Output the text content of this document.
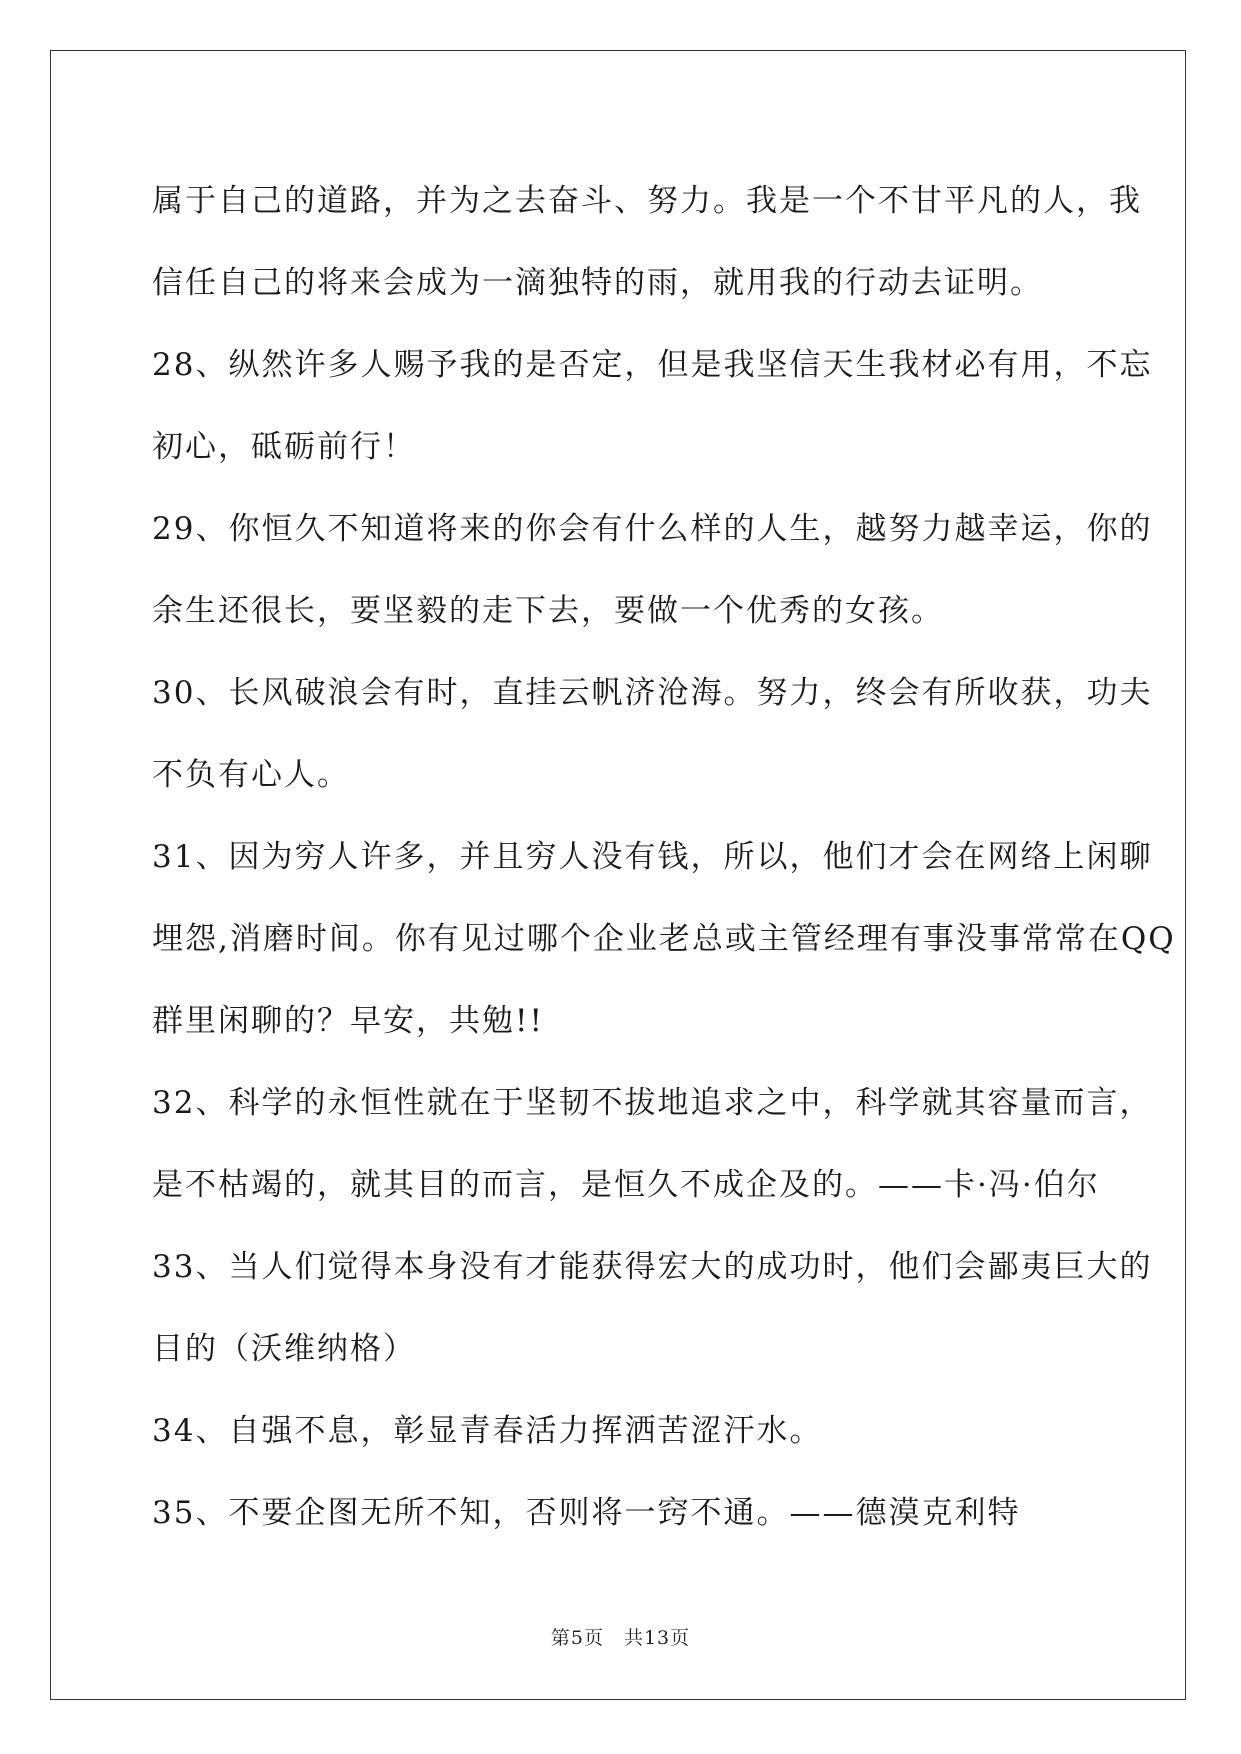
属于自己的道路，并为之去奋斗、努力。我是一个不甘平凡的人，我
信任自己的将来会成为一滴独特的雨，就用我的行动去证明。
28、纵然许多人赐予我的是否定，但是我坚信天生我材必有用，不忘
初心，砥砺前行！
29、你恒久不知道将来的你会有什么样的人生，越努力越幸运，你的
余生还很长，要坚毅的走下去，要做一个优秀的女孩。
30、长风破浪会有时，直挂云帆济沧海。努力，终会有所收获，功夫
不负有心人。
31、因为穷人许多，并且穷人没有钱，所以，他们才会在网络上闲聊
埋怨,消磨时间。你有见过哪个企业老总或主管经理有事没事常常在QQ
群里闲聊的？早安，共勉!!
32、科学的永恒性就在于坚韧不拔地追求之中，科学就其容量而言，
是不枯竭的，就其目的而言，是恒久不成企及的。——卡·冯·伯尔
33、当人们觉得本身没有才能获得宏大的成功时，他们会鄙夷巨大的
目的（沃维纳格）
34、自强不息，彰显青春活力挥洒苦涩汗水。
35、不要企图无所不知，否则将一窍不通。——德漠克利特
第5页 共13页
